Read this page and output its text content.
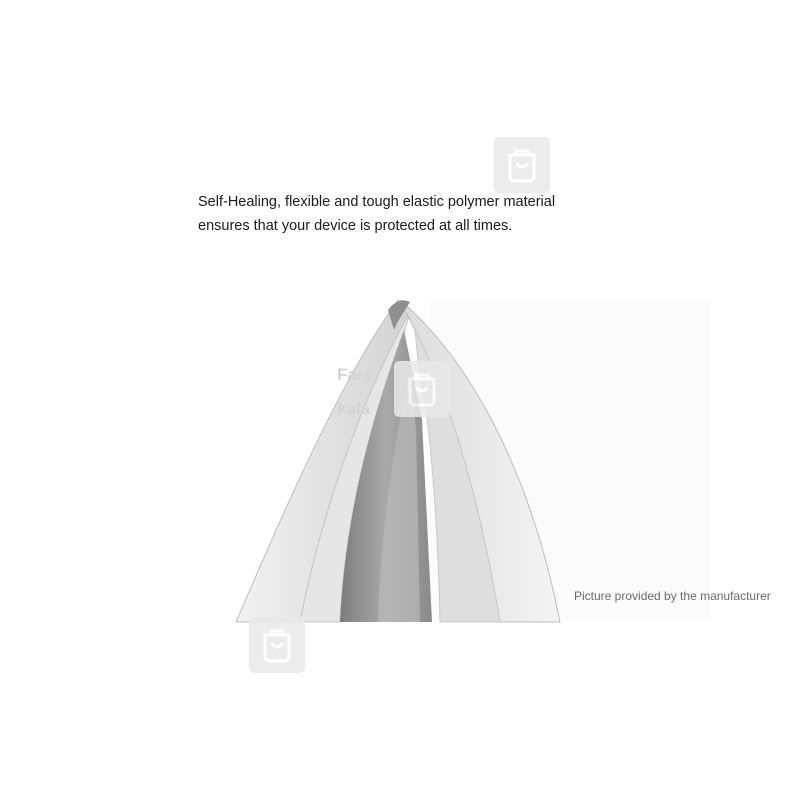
Self-Healing, flexible and tough elastic polymer material
ensures that your device is protected at all times.
Fars
kala
Picture provided by the manufacturer
